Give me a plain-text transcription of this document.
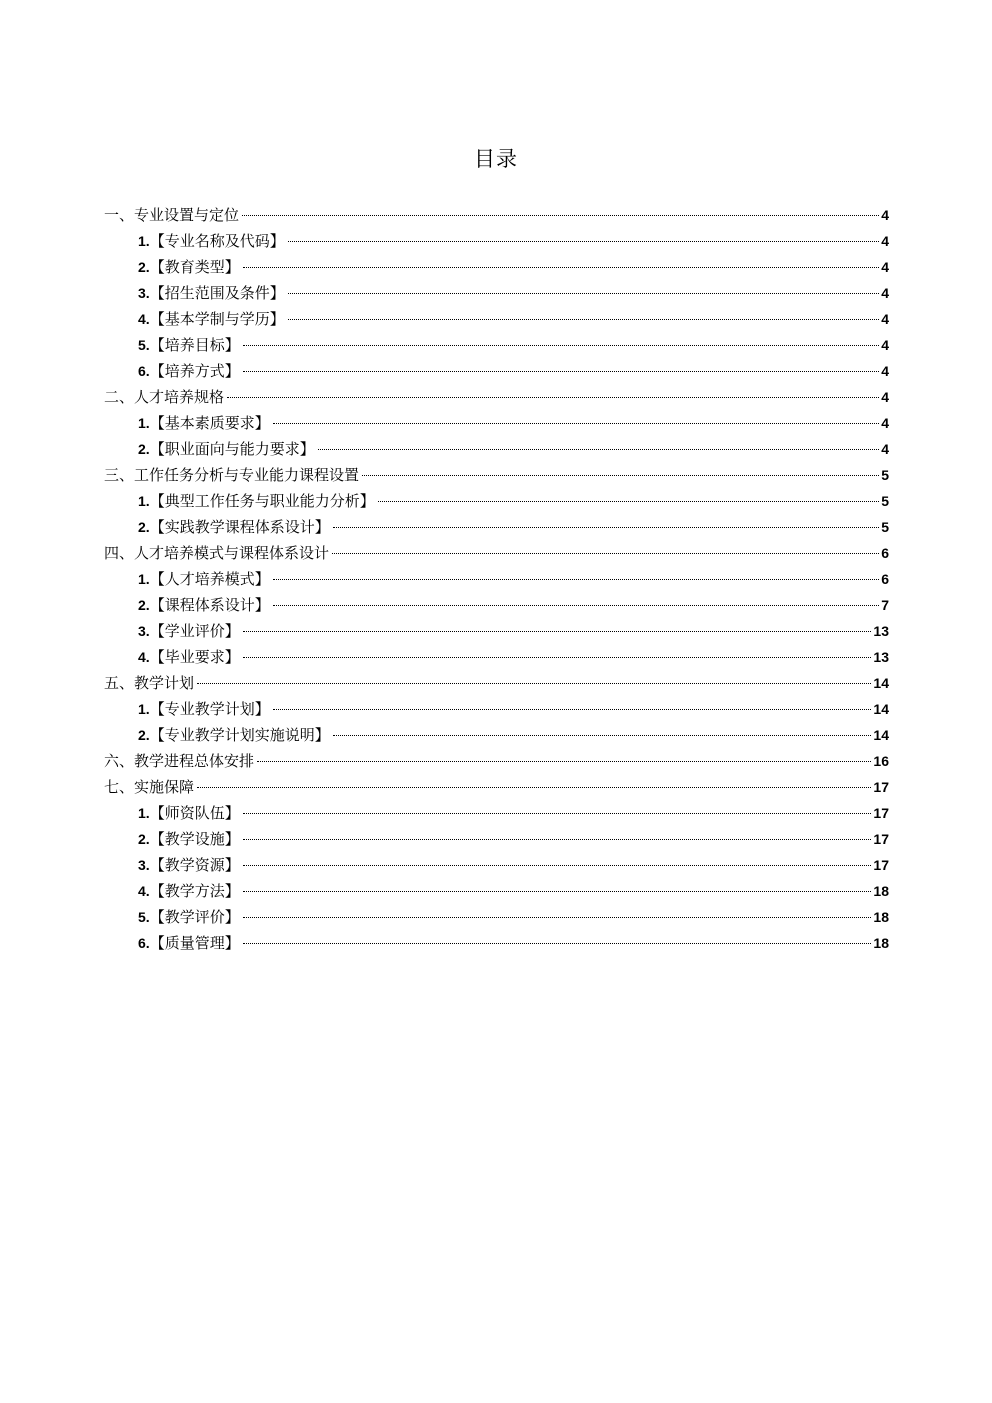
目录
一、专业设置与定位	4
1.【专业名称及代码】	4
2.【教育类型】	4
3.【招生范围及条件】	4
4.【基本学制与学历】	4
5.【培养目标】	4
6.【培养方式】	4
二、人才培养规格	4
1.【基本素质要求】	4
2.【职业面向与能力要求】	4
三、工作任务分析与专业能力课程设置	5
1.【典型工作任务与职业能力分析】	5
2.【实践教学课程体系设计】	5
四、人才培养模式与课程体系设计	6
1.【人才培养模式】	6
2.【课程体系设计】	7
3.【学业评价】	13
4.【毕业要求】	13
五、教学计划	14
1.【专业教学计划】	14
2.【专业教学计划实施说明】	14
六、教学进程总体安排	16
七、实施保障	17
1.【师资队伍】	17
2.【教学设施】	17
3.【教学资源】	17
4.【教学方法】	18
5.【教学评价】	18
6.【质量管理】	18
